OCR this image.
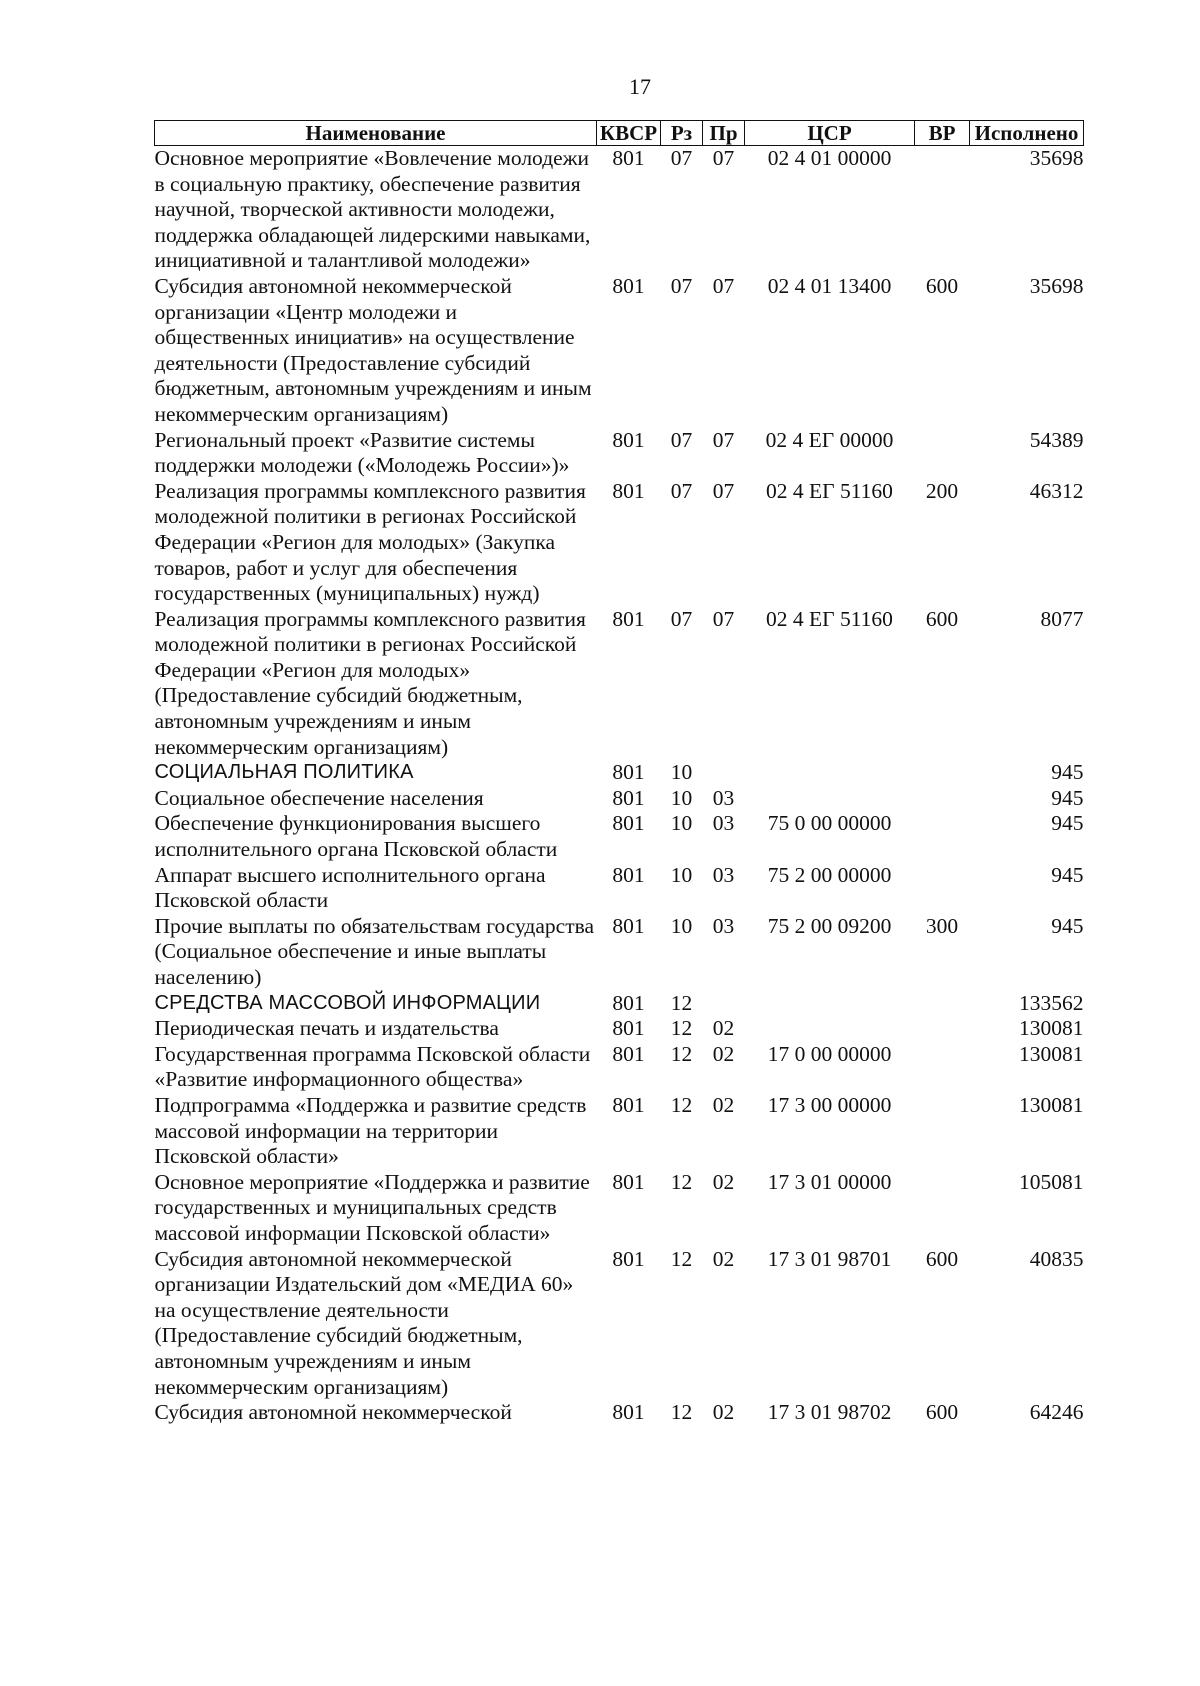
17
Наименование	КВСР	Рз	Пр	ЦСР	ВР	Исполнено
Основное мероприятие «Вовлечение молодежи в социальную практику, обеспечение развития научной, творческой активности молодежи, поддержка обладающей лидерскими навыками, инициативной и талантливой молодежи»	801	07	07	02 4 01 00000		35698
Субсидия автономной некоммерческой организации «Центр молодежи и общественных инициатив» на осуществление деятельности (Предоставление субсидий бюджетным, автономным учреждениям и иным некоммерческим организациям)	801	07	07	02 4 01 13400	600	35698
Региональный проект «Развитие системы поддержки молодежи («Молодежь России»)»	801	07	07	02 4 ЕГ 00000		54389
Реализация программы комплексного развития молодежной политики в регионах Российской Федерации «Регион для молодых» (Закупка товаров, работ и услуг для обеспечения государственных (муниципальных) нужд)	801	07	07	02 4 ЕГ 51160	200	46312
Реализация программы комплексного развития молодежной политики в регионах Российской Федерации «Регион для молодых» (Предоставление субсидий бюджетным, автономным учреждениям и иным некоммерческим организациям)	801	07	07	02 4 ЕГ 51160	600	8077
СОЦИАЛЬНАЯ ПОЛИТИКА	801	10				945
Социальное обеспечение населения	801	10	03			945
Обеспечение функционирования высшего исполнительного органа Псковской области	801	10	03	75 0 00 00000		945
Аппарат высшего исполнительного органа Псковской области	801	10	03	75 2 00 00000		945
Прочие выплаты по обязательствам государства (Социальное обеспечение и иные выплаты населению)	801	10	03	75 2 00 09200	300	945
СРЕДСТВА МАССОВОЙ ИНФОРМАЦИИ	801	12				133562
Периодическая печать и издательства	801	12	02			130081
Государственная программа Псковской области «Развитие информационного общества»	801	12	02	17 0 00 00000		130081
Подпрограмма «Поддержка и развитие средств массовой информации на территории Псковской области»	801	12	02	17 3 00 00000		130081
Основное мероприятие «Поддержка и развитие государственных и муниципальных средств массовой информации Псковской области»	801	12	02	17 3 01 00000		105081
Субсидия автономной некоммерческой организации Издательский дом «МЕДИА 60» на осуществление деятельности (Предоставление субсидий бюджетным, автономным учреждениям и иным некоммерческим организациям)	801	12	02	17 3 01 98701	600	40835
Субсидия автономной некоммерческой	801	12	02	17 3 01 98702	600	64246
